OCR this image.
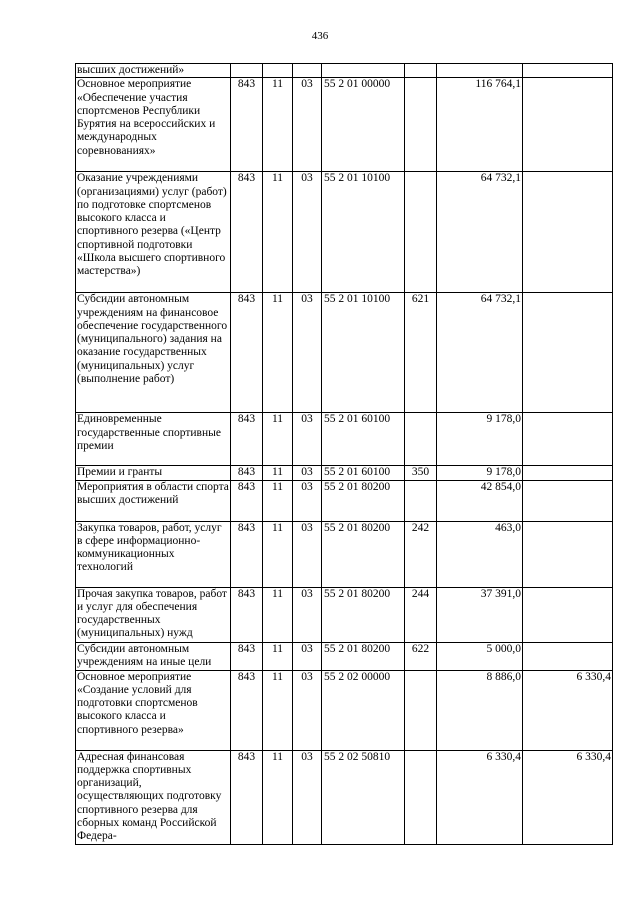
436
высших достижений»							
Основное мероприятие «Обеспечение участия спортсменов Республики Бурятия на всероссийских и международных соревнованиях»	843	11	03	55 2 01 00000		116 764,1	
Оказание учреждениями (организациями) услуг (работ) по подготовке спортсменов высокого класса и спортивного резерва («Центр спортивной подготовки «Школа высшего спортивного мастерства»)	843	11	03	55 2 01 10100		64 732,1	
Субсидии автономным учреждениям на финансовое обеспечение государственного (муниципального) задания на оказание государственных (муниципальных) услуг (выполнение работ)	843	11	03	55 2 01 10100	621	64 732,1	
Единовременные государственные спортивные премии	843	11	03	55 2 01 60100		9 178,0	
Премии и гранты	843	11	03	55 2 01 60100	350	9 178,0	
Мероприятия в области спорта высших достижений	843	11	03	55 2 01 80200		42 854,0	
Закупка товаров, работ, услуг в сфере информационно-коммуникационных технологий	843	11	03	55 2 01 80200	242	463,0	
Прочая закупка товаров, работ и услуг для обеспечения государственных (муниципальных) нужд	843	11	03	55 2 01 80200	244	37 391,0	
Субсидии автономным учреждениям на иные цели	843	11	03	55 2 01 80200	622	5 000,0	
Основное мероприятие «Создание условий для подготовки спортсменов высокого класса и спортивного резерва»	843	11	03	55 2 02 00000		8 886,0	6 330,4
Адресная финансовая поддержка спортивных организаций, осуществляющих подготовку спортивного резерва для сборных команд Российской Федера-	843	11	03	55 2 02 50810		6 330,4	6 330,4
